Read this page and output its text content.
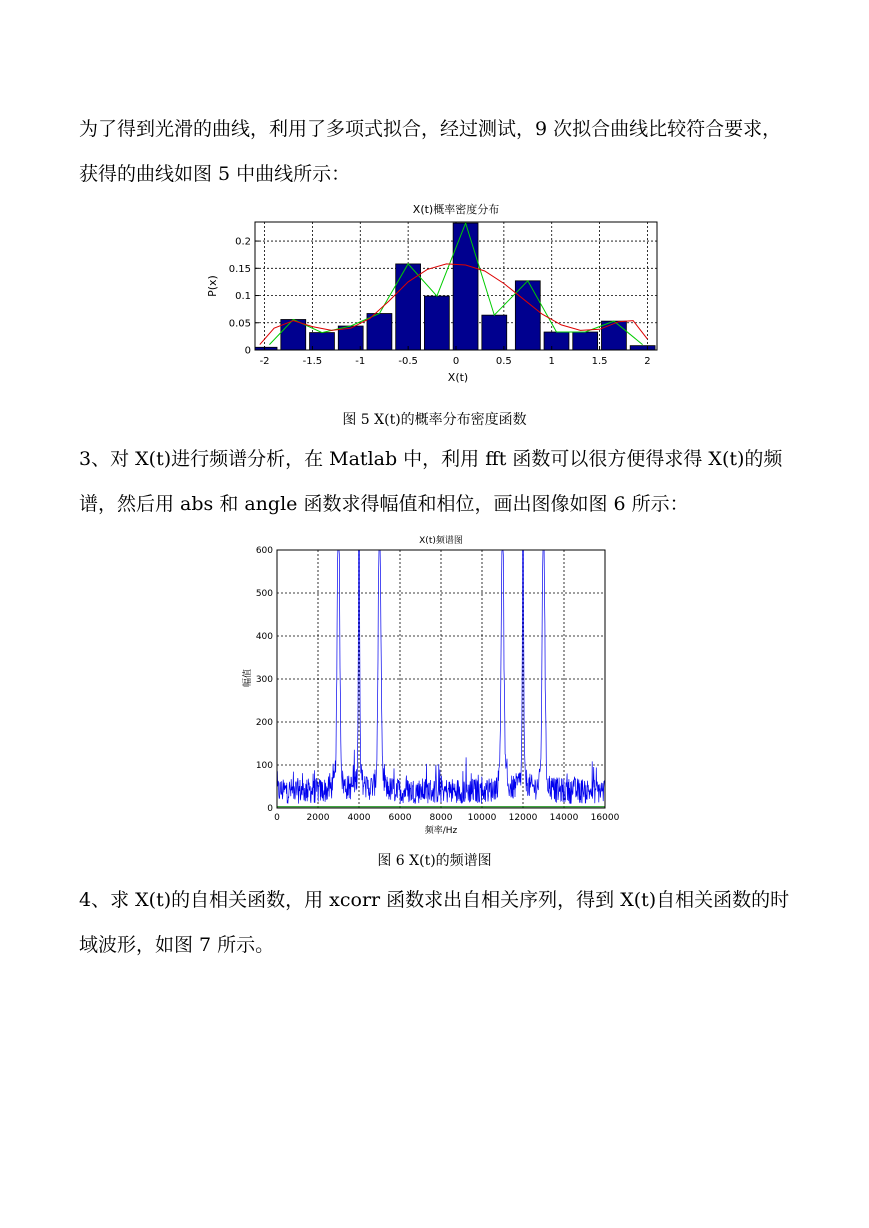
为了得到光滑的曲线，利用了多项式拟合，经过测试，9 次拟合曲线比较符合要求，获得的曲线如图 5 中曲线所示：

X(t)概率密度分布
-2	-1.5	-1	-0.5	0	0.5	1	1.5	2
0
0.05
0.1
0.15
0.2
X(t)
P(x)

图 5 X(t)的概率分布密度函数

3、对 X(t)进行频谱分析，在 Matlab 中，利用 fft 函数可以很方便得求得 X(t)的频谱，然后用 abs 和 angle 函数求得幅值和相位，画出图像如图 6 所示：

X(t)频谱图
0	2000 4000 6000 8000 10000 12000 14000 16000
0
100
200
300
400
500
600
频率/Hz
幅值

图 6 X(t)的频谱图

4、求 X(t)的自相关函数，用 xcorr 函数求出自相关序列，得到 X(t)自相关函数的时域波形，如图 7 所示。
